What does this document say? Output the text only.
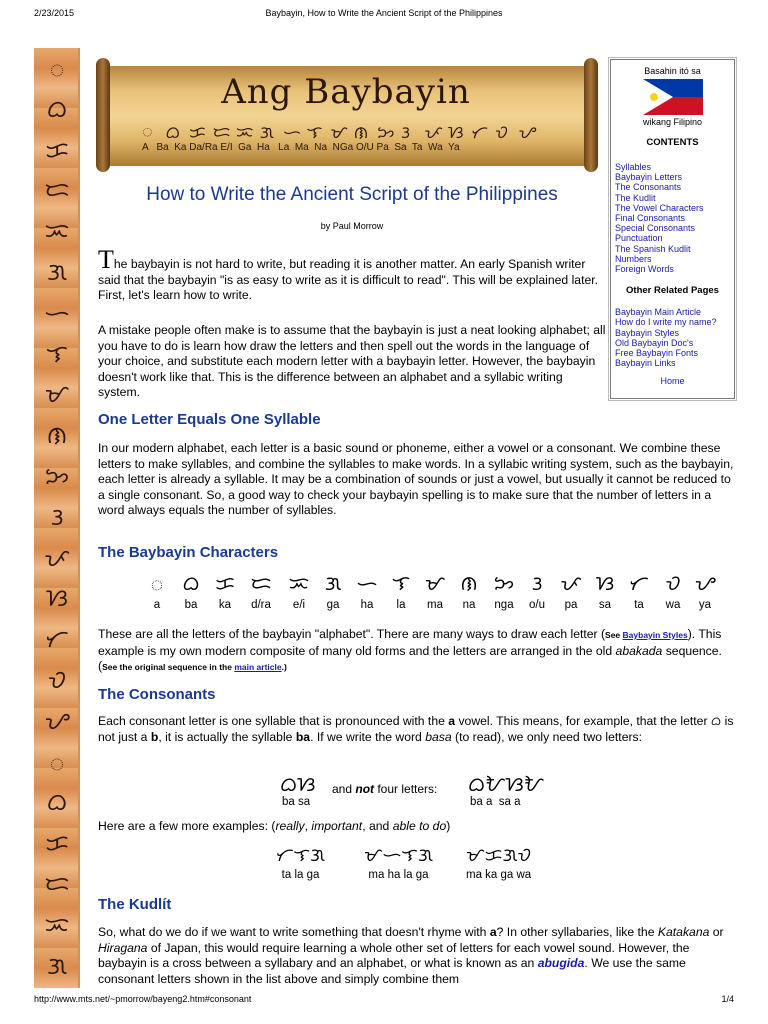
2/23/2015	Baybayin, How to Write the Ancient Script of the Philippines
ᜀ
ᜊ
ᜃ
ᜇ
ᜁ
ᜄ
ᜑ
ᜎ
ᜋ
ᜈ
ᜅ
ᜂ
ᜉ
ᜐ
ᜆ
ᜏ
ᜌ
ᜀ
ᜊ
ᜃ
ᜇ
ᜁ
ᜄ
Ang Baybayin
ᜀ ᜊ ᜃ ᜇ ᜁ ᜄ ᜑ ᜎ ᜋ ᜈ ᜅ ᜂ ᜉ ᜐ ᜆ ᜏ ᜌ
A   Ba  Ka Da/Ra E/I  Ga  Ha   La  Ma  Na  NGa O/U Pa  Sa  Ta  Wa  Ya
Basahin itó sa
wikang Filipino
CONTENTS
Syllables
Baybayin Letters
The Consonants
The Kudlit
The Vowel Characters
Final Consonants
Special Consonants
Punctuation
The Spanish Kudlit
Numbers
Foreign Words
Other Related Pages
Baybayin Main Article
How do I write my name?
Baybayin Styles
Old Baybayin Doc's
Free Baybayin Fonts
Baybayin Links
Home
How to Write the Ancient Script of the Philippines
by Paul Morrow
The baybayin is not hard to write, but reading it is another matter. An early Spanish writer said that the baybayin "is as easy to write as it is difficult to read". This will be explained later. First, let's learn how to write.
A mistake people often make is to assume that the baybayin is just a neat looking alphabet; all you have to do is learn how draw the letters and then spell out the words in the language of your choice, and substitute each modern letter with a baybayin letter. However, the baybayin doesn't work like that. This is the difference between an alphabet and a syllabic writing system.
One Letter Equals One Syllable
In our modern alphabet, each letter is a basic sound or phoneme, either a vowel or a consonant. We combine these letters to make syllables, and combine the syllables to make words. In a syllabic writing system, such as the baybayin, each letter is already a syllable. It may be a combination of sounds or just a vowel, but usually it cannot be reduced to a single consonant. So, a good way to check your baybayin spelling is to make sure that the number of letters in a word always equals the number of syllables.
The Baybayin Characters
ᜀ
a
ᜊ
ba
ᜃ
ka
ᜇ
d/ra
ᜁ
e/i
ᜄ
ga
ᜑ
ha
ᜎ
la
ᜋ
ma
ᜈ
na
ᜅ
nga
ᜂ
o/u
ᜉ
pa
ᜐ
sa
ᜆ
ta
ᜏ
wa
ᜌ
ya
These are all the letters of the baybayin "alphabet". There are many ways to draw each letter (See Baybayin Styles). This example is my own modern composite of many old forms and the letters are arranged in the old abakada sequence. (See the original sequence in the main article.)
The Consonants
Each consonant letter is one syllable that is pronounced with the a vowel. This means, for example, that the letter ᜊ is not just a b, it is actually the syllable ba. If we write the word basa (to read), we only need two letters:
ᜊᜐ
ba sa
and not four letters: ᜊᜀᜐᜀ
ba a  sa a
Here are a few more examples: (really, important, and able to do)
ᜆᜎᜄ
ta la ga
ᜋᜑᜎᜄ
ma ha la ga
ᜋᜃᜄᜏ
ma ka ga wa
The Kudlít
So, what do we do if we want to write something that doesn't rhyme with a? In other syllabaries, like the Katakana or Hiragana of Japan, this would require learning a whole other set of letters for each vowel sound. However, the baybayin is a cross between a syllabary and an alphabet, or what is known as an abugida. We use the same consonant letters shown in the list above and simply combine them
http://www.mts.net/~pmorrow/bayeng2.htm#consonant	1/4
